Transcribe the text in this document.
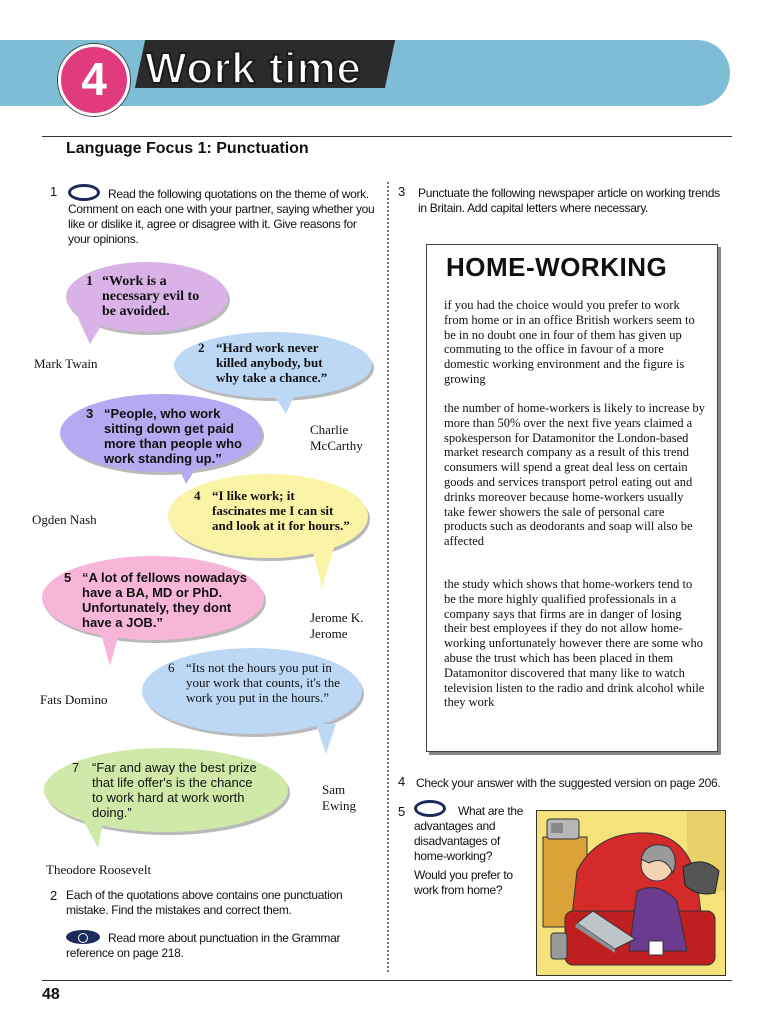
4 Work time
Language Focus 1: Punctuation
1	Read the following quotations on the theme of work. Comment on each one with your partner, saying whether you like or dislike it, agree or disagree with it. Give reasons for your opinions.
1 “Work is a necessary evil to be avoided.
Mark Twain
2 “Hard work never killed anybody, but why take a chance.”
Charlie McCarthy
3 “People, who work sitting down get paid more than people who work standing up.”
Ogden Nash
4 “I like work; it fascinates me I can sit and look at it for hours.”
Jerome K. Jerome
5 “A lot of fellows nowadays have a BA, MD or PhD. Unfortunately, they dont have a JOB.”
Fats Domino
6 “Its not the hours you put in your work that counts, it's the work you put in the hours.”
Sam Ewing
7 “Far and away the best prize that life offer's is the chance to work hard at work worth doing.”
Theodore Roosevelt
2 Each of the quotations above contains one punctuation mistake. Find the mistakes and correct them.
Read more about punctuation in the Grammar reference on page 218.
3 Punctuate the following newspaper article on working trends in Britain. Add capital letters where necessary.
HOME-WORKING
if you had the choice would you prefer to work from home or in an office British workers seem to be in no doubt one in four of them has given up commuting to the office in favour of a more domestic working environment and the figure is growing
the number of home-workers is likely to increase by more than 50% over the next five years claimed a spokesperson for Datamonitor the London-based market research company as a result of this trend consumers will spend a great deal less on certain goods and services transport petrol eating out and drinks moreover because home-workers usually take fewer showers the sale of personal care products such as deodorants and soap will also be affected
the study which shows that home-workers tend to be the more highly qualified professionals in a company says that firms are in danger of losing their best employees if they do not allow home-working unfortunately however there are some who abuse the trust which has been placed in them Datamonitor discovered that many like to watch television listen to the radio and drink alcohol while they work
4 Check your answer with the suggested version on page 206.
5	What are the advantages and disadvantages of home-working?
Would you prefer to work from home?
48
